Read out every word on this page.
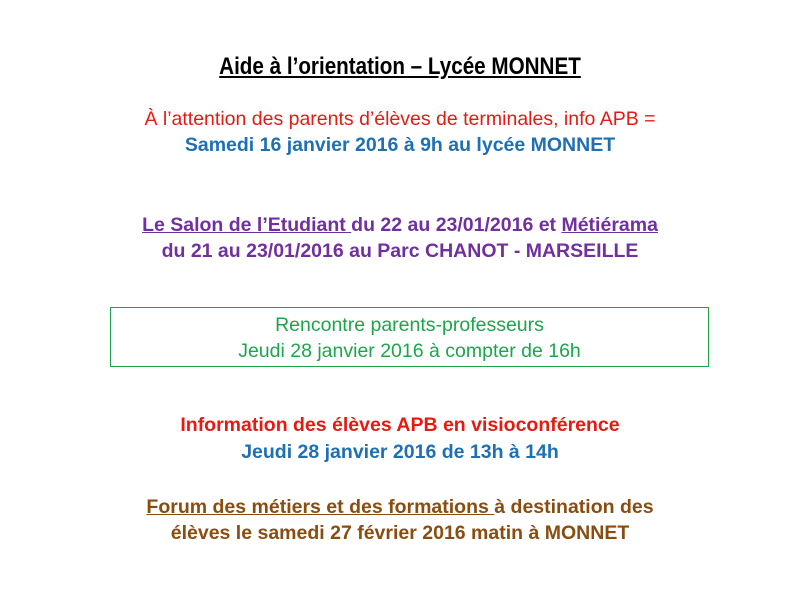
Aide à l’orientation – Lycée MONNET
À l’attention des parents d’élèves de terminales, info APB =
Samedi 16 janvier 2016 à 9h au lycée MONNET
Le Salon de l’Etudiant du 22 au 23/01/2016 et Métiérama
du 21 au 23/01/2016 au Parc CHANOT - MARSEILLE
Rencontre parents-professeurs
Jeudi 28 janvier 2016 à compter de 16h
Information des élèves APB en visioconférence
Jeudi 28 janvier 2016 de 13h à 14h
Forum des métiers et des formations à destination des
élèves le samedi 27 février 2016 matin à MONNET
